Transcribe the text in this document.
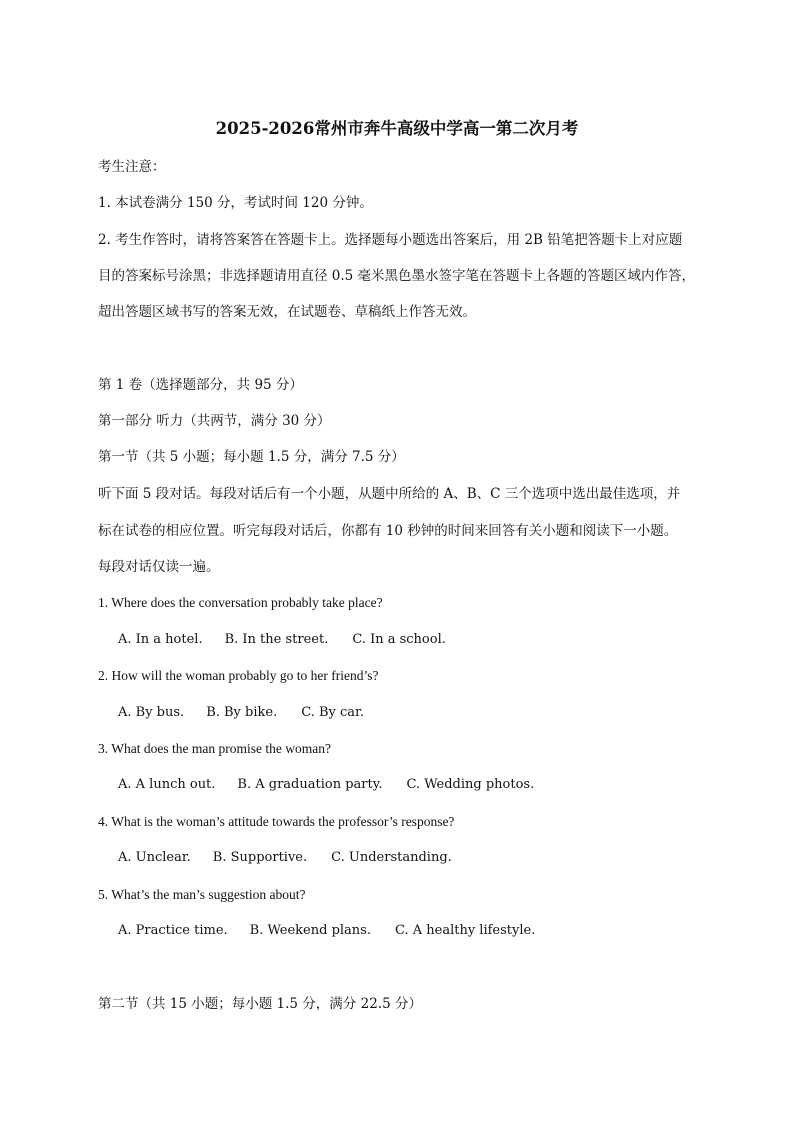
2025-2026常州市奔牛高级中学高一第二次月考
考生注意：
1. 本试卷满分 150 分，考试时间 120 分钟。
2. 考生作答时，请将答案答在答题卡上。选择题每小题选出答案后，用 2B 铅笔把答题卡上对应题
目的答案标号涂黑；非选择题请用直径 0.5 毫米黑色墨水签字笔在答题卡上各题的答题区域内作答，
超出答题区域书写的答案无效，在试题卷、草稿纸上作答无效。
第 1 卷（选择题部分，共 95 分）
第一部分 听力（共两节，满分 30 分）
第一节（共 5 小题；每小题 1.5 分，满分 7.5 分）
听下面 5 段对话。每段对话后有一个小题，从题中所给的 A、B、C 三个选项中选出最佳选项，并
标在试卷的相应位置。听完每段对话后，你都有 10 秒钟的时间来回答有关小题和阅读下一小题。
每段对话仅读一遍。
1. Where does the conversation probably take place?
A. In a hotel. B. In the street. C. In a school.
2. How will the woman probably go to her friend’s?
A. By bus. B. By bike. C. By car.
3. What does the man promise the woman?
A. A lunch out. B. A graduation party. C. Wedding photos.
4. What is the woman’s attitude towards the professor’s response?
A. Unclear. B. Supportive. C. Understanding.
5. What’s the man’s suggestion about?
A. Practice time. B. Weekend plans. C. A healthy lifestyle.
第二节（共 15 小题；每小题 1.5 分，满分 22.5 分）
